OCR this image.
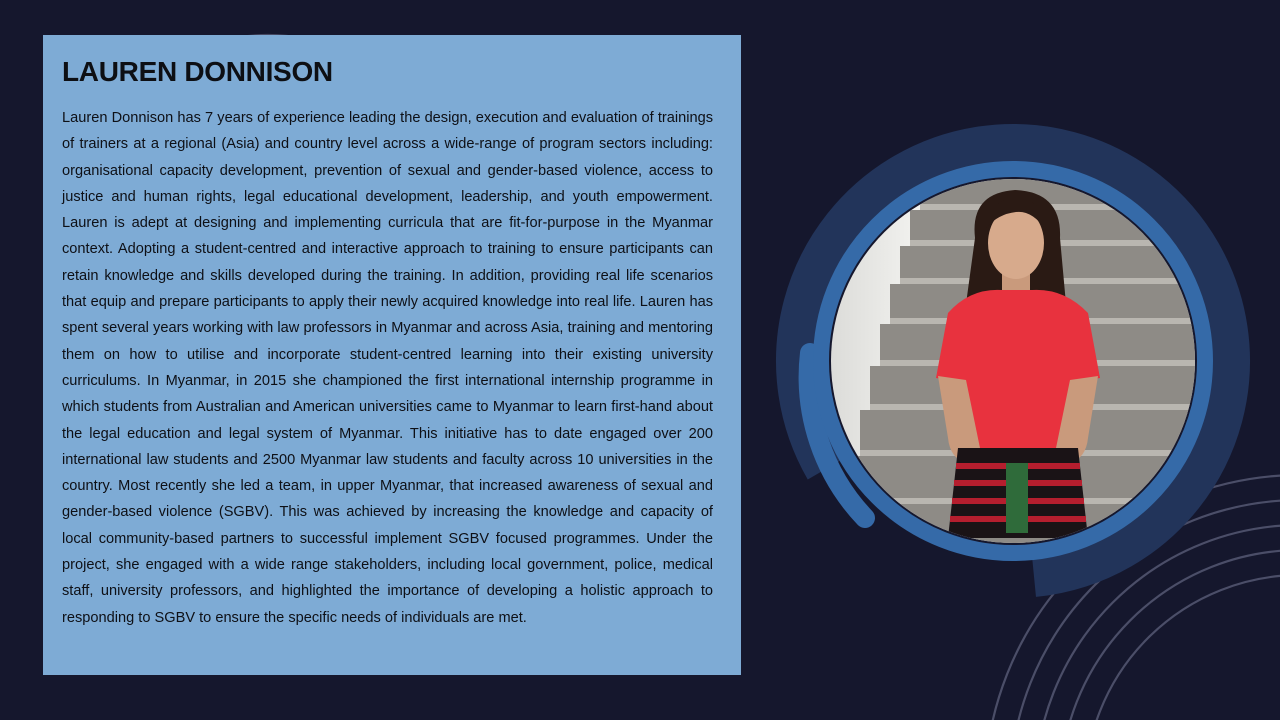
LAUREN DONNISON

Lauren Donnison has 7 years of experience leading the design, execution and evaluation of trainings of trainers at a regional (Asia) and country level across a wide-range of program sectors including: organisational capacity development, prevention of sexual and gender-based violence, access to justice and human rights, legal educational development, leadership, and youth empowerment. Lauren is adept at designing and implementing curricula that are fit-for-purpose in the Myanmar context. Adopting a student-centred and interactive approach to training to ensure participants can retain knowledge and skills developed during the training. In addition, providing real life scenarios that equip and prepare participants to apply their newly acquired knowledge into real life. Lauren has spent several years working with law professors in Myanmar and across Asia, training and mentoring them on how to utilise and incorporate student-centred learning into their existing university curriculums. In Myanmar, in 2015 she championed the first international internship programme in which students from Australian and American universities came to Myanmar to learn first-hand about the legal education and legal system of Myanmar. This initiative has to date engaged over 200 international law students and 2500 Myanmar law students and faculty across 10 universities in the country. Most recently she led a team, in upper Myanmar, that increased awareness of sexual and gender-based violence (SGBV). This was achieved by increasing the knowledge and capacity of local community-based partners to successful implement SGBV focused programmes. Under the project, she engaged with a wide range stakeholders, including local government, police, medical staff, university professors, and highlighted the importance of developing a holistic approach to responding to SGBV to ensure the specific needs of individuals are met.
